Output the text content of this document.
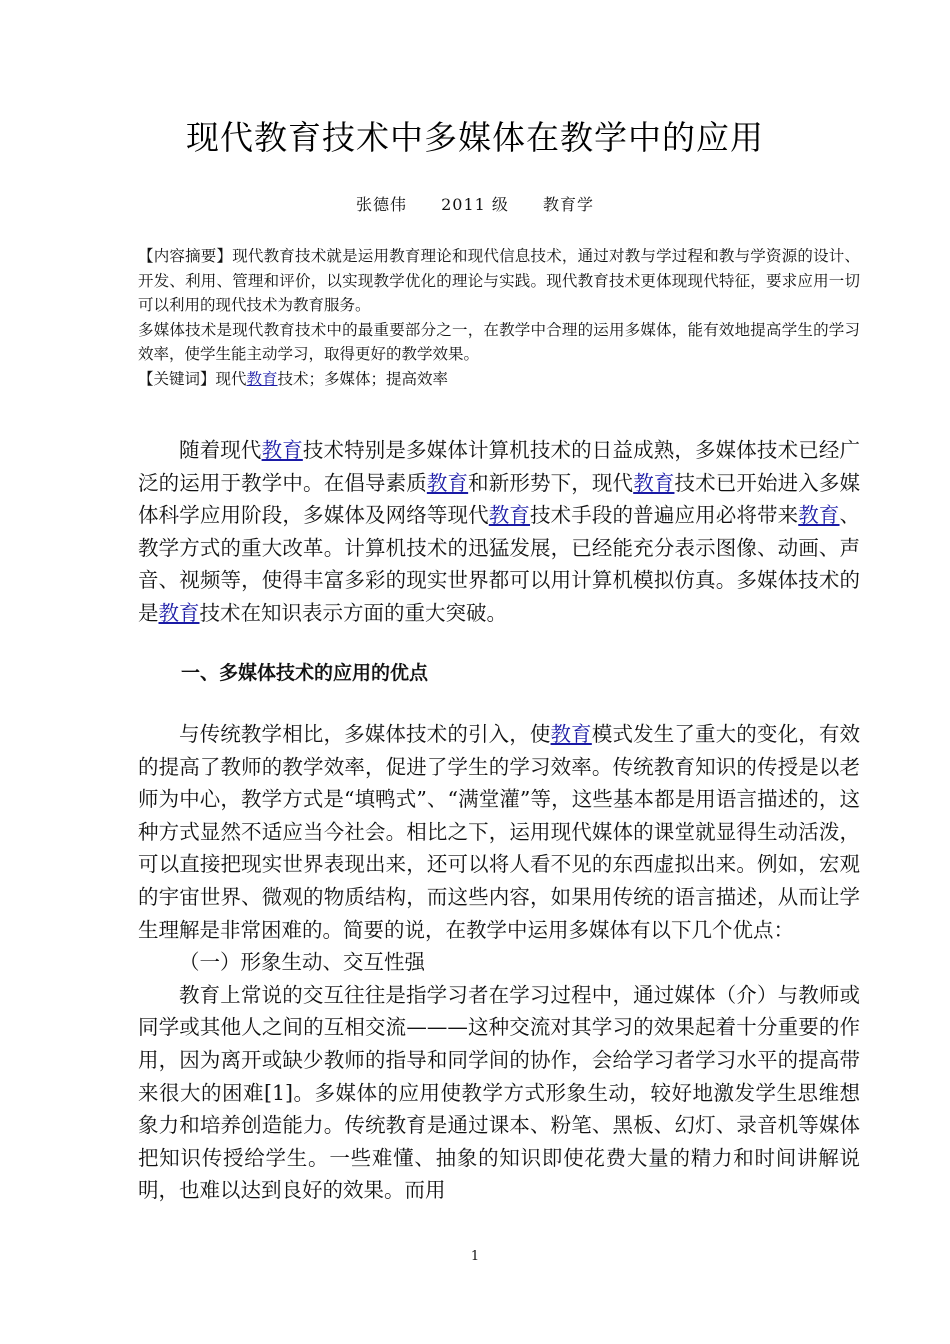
现代教育技术中多媒体在教学中的应用
张德伟 2011 级 教育学

【内容摘要】现代教育技术就是运用教育理论和现代信息技术，通过对教与学过程和教与学资源的设计、开发、利用、管理和评价，以实现教学优化的理论与实践。现代教育技术更体现现代特征，要求应用一切可以利用的现代技术为教育服务。

多媒体技术是现代教育技术中的最重要部分之一，在教学中合理的运用多媒体，能有效地提高学生的学习效率，使学生能主动学习，取得更好的教学效果。

【关键词】现代教育技术；多媒体；提高效率

随着现代教育技术特别是多媒体计算机技术的日益成熟，多媒体技术已经广泛的运用于教学中。在倡导素质教育和新形势下，现代教育技术已开始进入多媒体科学应用阶段，多媒体及网络等现代教育技术手段的普遍应用必将带来教育、教学方式的重大改革。计算机技术的迅猛发展，已经能充分表示图像、动画、声音、视频等，使得丰富多彩的现实世界都可以用计算机模拟仿真。多媒体技术的是教育技术在知识表示方面的重大突破。

一、多媒体技术的应用的优点

与传统教学相比，多媒体技术的引入，使教育模式发生了重大的变化，有效的提高了教师的教学效率，促进了学生的学习效率。传统教育知识的传授是以老师为中心，教学方式是“填鸭式”、“满堂灌”等，这些基本都是用语言描述的，这种方式显然不适应当今社会。相比之下，运用现代媒体的课堂就显得生动活泼，可以直接把现实世界表现出来，还可以将人看不见的东西虚拟出来。例如，宏观的宇宙世界、微观的物质结构，而这些内容，如果用传统的语言描述，从而让学生理解是非常困难的。简要的说，在教学中运用多媒体有以下几个优点：

（一）形象生动、交互性强

教育上常说的交互往往是指学习者在学习过程中，通过媒体（介）与教师或同学或其他人之间的互相交流———这种交流对其学习的效果起着十分重要的作用，因为离开或缺少教师的指导和同学间的协作，会给学习者学习水平的提高带来很大的困难[1]。多媒体的应用使教学方式形象生动，较好地激发学生思维想象力和培养创造能力。传统教育是通过课本、粉笔、黑板、幻灯、录音机等媒体把知识传授给学生。一些难懂、抽象的知识即使花费大量的精力和时间讲解说明，也难以达到良好的效果。而用

1
